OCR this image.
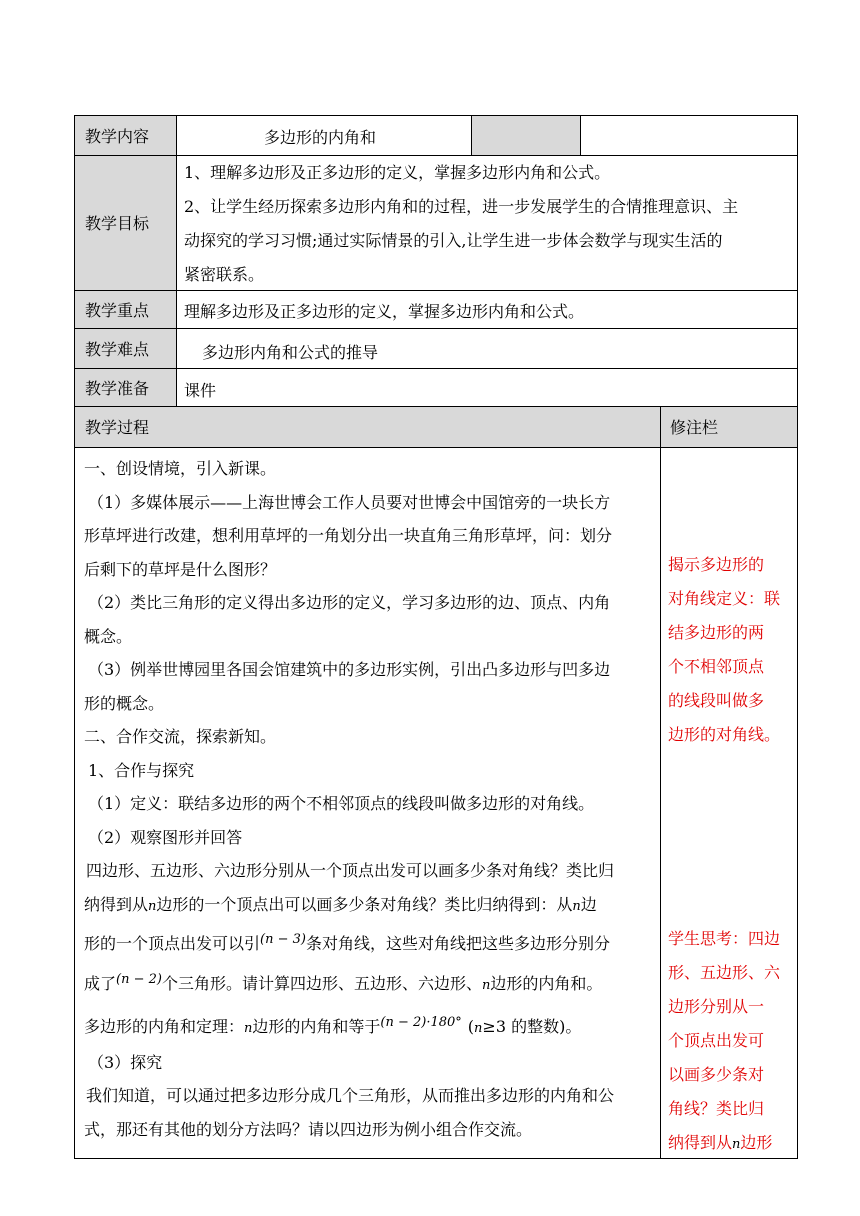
教学内容
教学目标
教学重点
教学难点
教学准备
教学过程	修注栏
多边形的内角和
1、理解多边形及正多边形的定义，掌握多边形内角和公式。
2、让学生经历探索多边形内角和的过程，进一步发展学生的合情推理意识、主
动探究的学习习惯;通过实际情景的引入,让学生进一步体会数学与现实生活的
紧密联系。
理解多边形及正多边形的定义，掌握多边形内角和公式。
多边形内角和公式的推导
课件

一、创设情境，引入新课。

（1）多媒体展示——上海世博会工作人员要对世博会中国馆旁的一块长方

形草坪进行改建，想利用草坪的一角划分出一块直角三角形草坪，问：划分

后剩下的草坪是什么图形？

（2）类比三角形的定义得出多边形的定义，学习多边形的边、顶点、内角

概念。

（3）例举世博园里各国会馆建筑中的多边形实例，引出凸多边形与凹多边

形的概念。

二、合作交流，探索新知。

1、合作与探究

（1）定义：联结多边形的两个不相邻顶点的线段叫做多边形的对角线。

（2）观察图形并回答

四边形、五边形、六边形分别从一个顶点出发可以画多少条对角线？类比归

纳得到从n边形的一个顶点出可以画多少条对角线？类比归纳得到：从n边

形的一个顶点出发可以引$^{(n - 3)}$条对角线，这些对角线把这些多边形分别分

成了$^{(n - 2)}$个三角形。请计算四边形、五边形、六边形、n边形的内角和。

多边形的内角和定理：n边形的内角和等于$^{(n - 2)\cdot 180^\circ}$ (n≥3 的整数)。

（3）探究

我们知道，可以通过把多边形分成几个三角形，从而推出多边形的内角和公

式，那还有其他的划分方法吗？请以四边形为例小组合作交流。

揭示多边形的

对角线定义：联

结多边形的两

个不相邻顶点

的线段叫做多

边形的对角线。

学生思考：四边

形、五边形、六

边形分别从一

个顶点出发可

以画多少条对

角线？类比归

纳得到从n边形
